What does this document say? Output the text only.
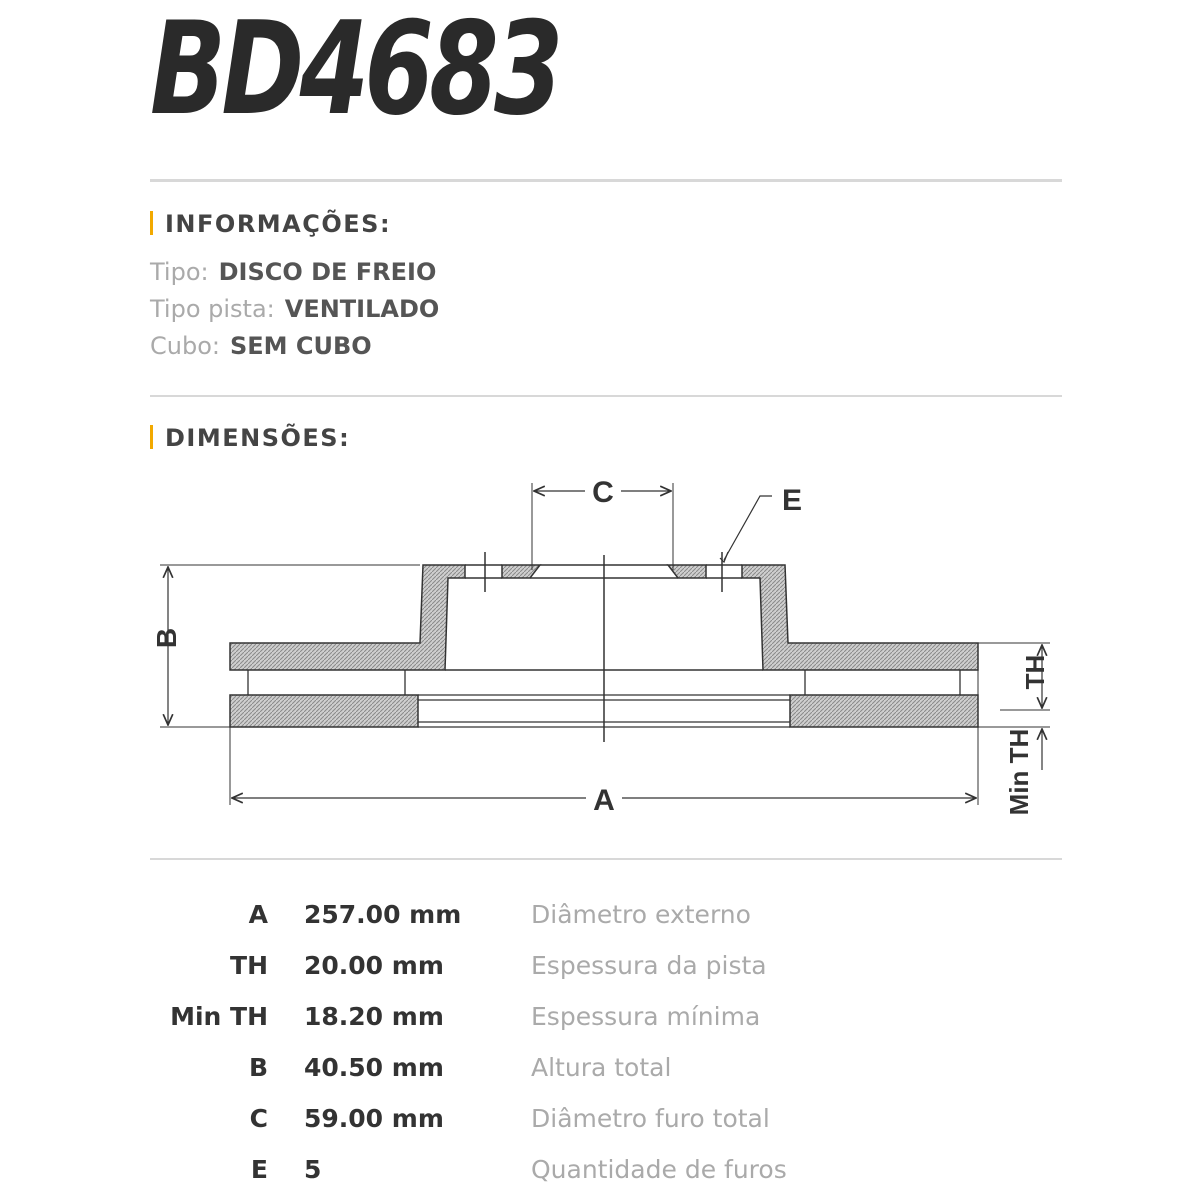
BD4683
INFORMAÇÕES:
Tipo: DISCO DE FREIO
Tipo pista: VENTILADO
Cubo: SEM CUBO
DIMENSÕES:
B
C	E
A
TH
Min TH
A 257.00 mm	Diâmetro externo
TH 20.00 mm	Espessura da pista
Min TH 18.20 mm	Espessura mínima
B 40.50 mm	Altura total
C 59.00 mm	Diâmetro furo total
E 5	Quantidade de furos
